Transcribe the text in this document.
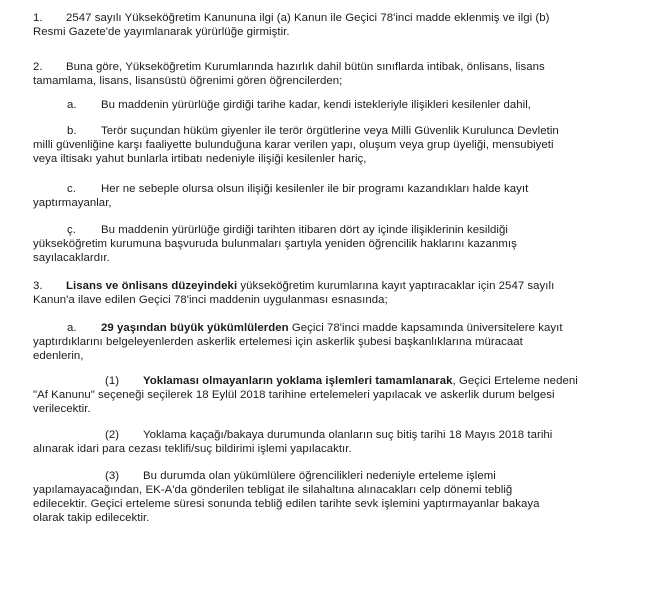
1. 2547 sayılı Yükseköğretim Kanununa ilgi (a) Kanun ile Geçici 78'inci madde eklenmiş ve ilgi (b)
Resmi Gazete'de yayımlanarak yürürlüğe girmiştir.
2. Buna göre, Yükseköğretim Kurumlarında hazırlık dahil bütün sınıflarda intibak, önlisans, lisans
tamamlama, lisans, lisansüstü öğrenimi gören öğrencilerden;
a. Bu maddenin yürürlüğe girdiği tarihe kadar, kendi istekleriyle ilişikleri kesilenler dahil,
b. Terör suçundan hüküm giyenler ile terör örgütlerine veya Milli Güvenlik Kurulunca Devletin
milli güvenliğine karşı faaliyette bulunduğuna karar verilen yapı, oluşum veya grup üyeliği, mensubiyeti
veya iltisakı yahut bunlarla irtibatı nedeniyle ilişiği kesilenler hariç,
c. Her ne sebeple olursa olsun ilişiği kesilenler ile bir programı kazandıkları halde kayıt
yaptırmayanlar,
ç. Bu maddenin yürürlüğe girdiği tarihten itibaren dört ay içinde ilişiklerinin kesildiği
yükseköğretim kurumuna başvuruda bulunmaları şartıyla yeniden öğrencilik haklarını kazanmış
sayılacaklardır.
3. Lisans ve önlisans düzeyindeki yükseköğretim kurumlarına kayıt yaptıracaklar için 2547 sayılı
Kanun'a ilave edilen Geçici 78'inci maddenin uygulanması esnasında;
a. 29 yaşından büyük yükümlülerden Geçici 78'inci madde kapsamında üniversitelere kayıt
yaptırdıklarını belgeleyenlerden askerlik ertelemesi için askerlik şubesi başkanlıklarına müracaat
edenlerin,
(1) Yoklaması olmayanların yoklama işlemleri tamamlanarak, Geçici Erteleme nedeni
"Af Kanunu" seçeneği seçilerek 18 Eylül 2018 tarihine ertelemeleri yapılacak ve askerlik durum belgesi
verilecektir.
(2) Yoklama kaçağı/bakaya durumunda olanların suç bitiş tarihi 18 Mayıs 2018 tarihi
alınarak idari para cezası teklifi/suç bildirimi işlemi yapılacaktır.
(3) Bu durumda olan yükümlülere öğrencilikleri nedeniyle erteleme işlemi
yapılamayacağından, EK-A'da gönderilen tebligat ile silahaltına alınacakları celp dönemi tebliğ
edilecektir. Geçici erteleme süresi sonunda tebliğ edilen tarihte sevk işlemini yaptırmayanlar bakaya
olarak takip edilecektir.
